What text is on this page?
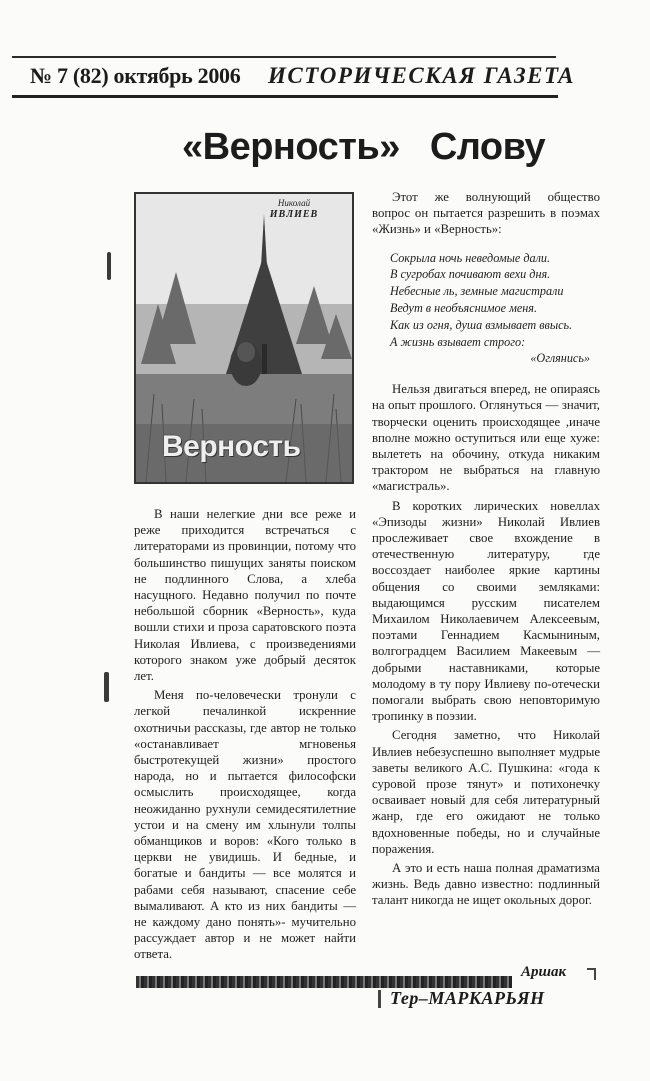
№ 7 (82) октябрь 2006 ИСТОРИЧЕСКАЯ ГАЗЕТА
«Верность» Слову
Николай
ИВЛИЕВ
Верность

В наши нелегкие дни все реже и реже приходится встречаться с литераторами из провинции, потому что большинство пишущих заняты поиском не подлинного Слова, а хлеба насущного. Недавно получил по почте небольшой сборник «Верность», куда вошли стихи и проза саратовского поэта Николая Ивлиева, с произведениями которого знаком уже добрый десяток лет.

Меня по-человечески тронули с легкой печалинкой искренние охотничьи рассказы, где автор не только «останавливает мгновенья быстротекущей жизни» простого народа, но и пытается философски осмыслить происходящее, когда неожиданно рухнули семидесятилетние устои и на смену им хлынули толпы обманщиков и воров: «Кого только в церкви не увидишь. И бедные, и богатые и бандиты — все молятся и рабами себя называют, спасение себе вымаливают. А кто из них бандиты — не каждому дано понять»- мучительно рассуждает автор и не может найти ответа.

Этот же волнующий общество вопрос он пытается разрешить в поэмах «Жизнь» и «Верность»:

Сокрыла ночь неведомые дали.
В сугробах почивают вехи дня.
Небесные ль, земные магистрали
Ведут в необъяснимое меня.
Как из огня, душа взмывает ввысь.
А жизнь взывает строго:
«Оглянись»

Нельзя двигаться вперед, не опираясь на опыт прошлого. Оглянуться — значит, творчески оценить происходящее ,иначе вполне можно оступиться или еще хуже: вылететь на обочину, откуда никаким трактором не выбраться на главную «магистраль».

В коротких лирических новеллах «Эпизоды жизни» Николай Ивлиев прослеживает свое вхождение в отечественную литературу, где воссоздает наиболее яркие картины общения со своими земляками: выдающимся русским писателем Михаилом Николаевичем Алексеевым, поэтами Геннадием Касмыниным, волгоградцем Василием Макеевым — добрыми наставниками, которые молодому в ту пору Ивлиеву по-отечески помогали выбрать свою неповторимую тропинку в поэзии.

Сегодня заметно, что Николай Ивлиев небезуспешно выполняет мудрые заветы великого А.С. Пушкина: «года к суровой прозе тянут» и потихонечку осваивает новый для себя литературный жанр, где его ожидают не только вдохновенные победы, но и случайные поражения.

А это и есть наша полная драматизма жизнь. Ведь давно известно: подлинный талант никогда не ищет окольных дорог.

Аршак
Тер–МАРКАРЬЯН
